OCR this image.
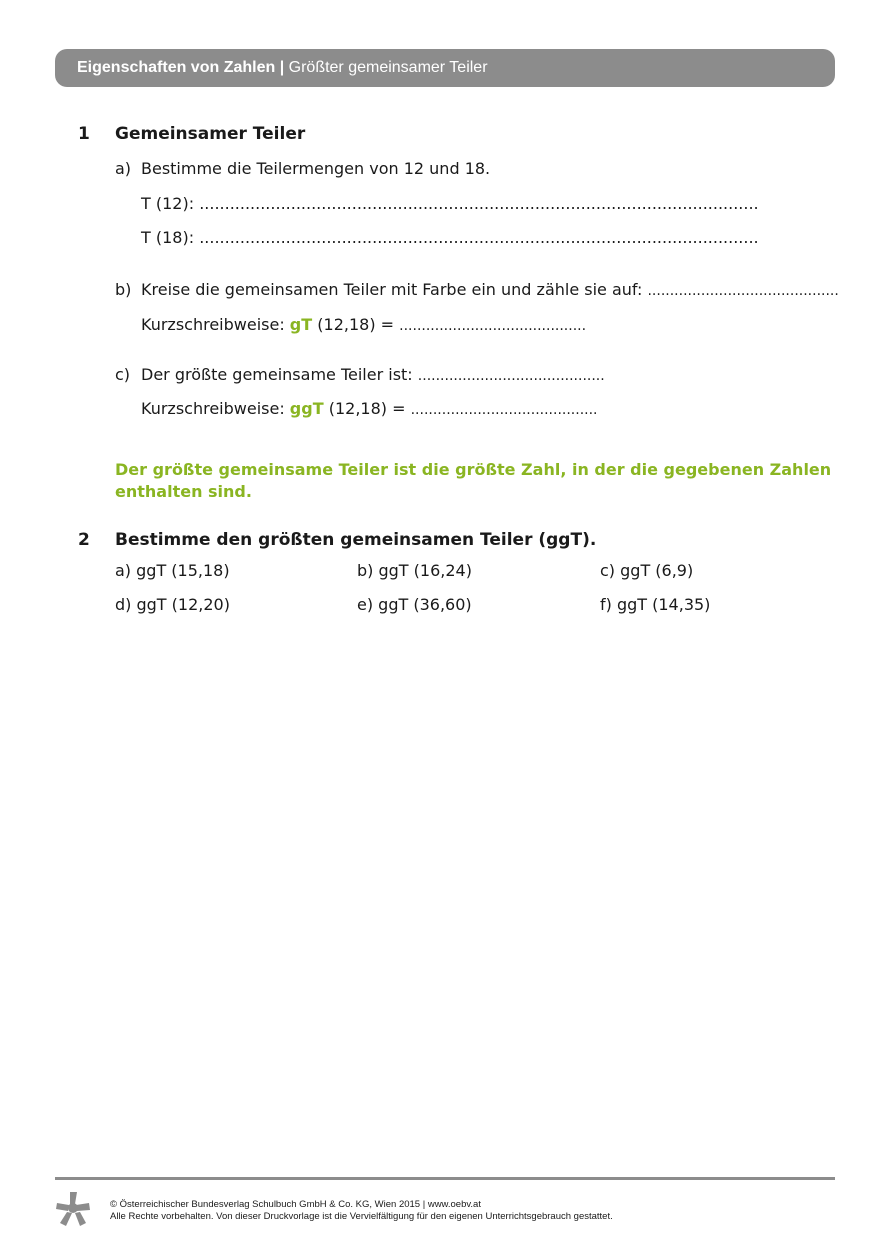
Eigenschaften von Zahlen | Größter gemeinsamer Teiler
1 Gemeinsamer Teiler
a) Bestimme die Teilermengen von 12 und 18.
T (12): ..............................................................................................................
T (18): ..............................................................................................................
b) Kreise die gemeinsamen Teiler mit Farbe ein und zähle sie auf: ...........................................
Kurzschreibweise: gT (12,18) = ..........................................
c) Der größte gemeinsame Teiler ist: ..........................................
Kurzschreibweise: ggT (12,18) = ..........................................
Der größte gemeinsame Teiler ist die größte Zahl, in der die gegebenen Zahlen
enthalten sind.
2 Bestimme den größten gemeinsamen Teiler (ggT).
a) ggT (15,18)	b) ggT (16,24)	c) ggT (6,9)
d) ggT (12,20)	e) ggT (36,60)	f) ggT (14,35)
© Österreichischer Bundesverlag Schulbuch GmbH & Co. KG, Wien 2015 | www.oebv.at
Alle Rechte vorbehalten. Von dieser Druckvorlage ist die Vervielfältigung für den eigenen Unterrichtsgebrauch gestattet.
